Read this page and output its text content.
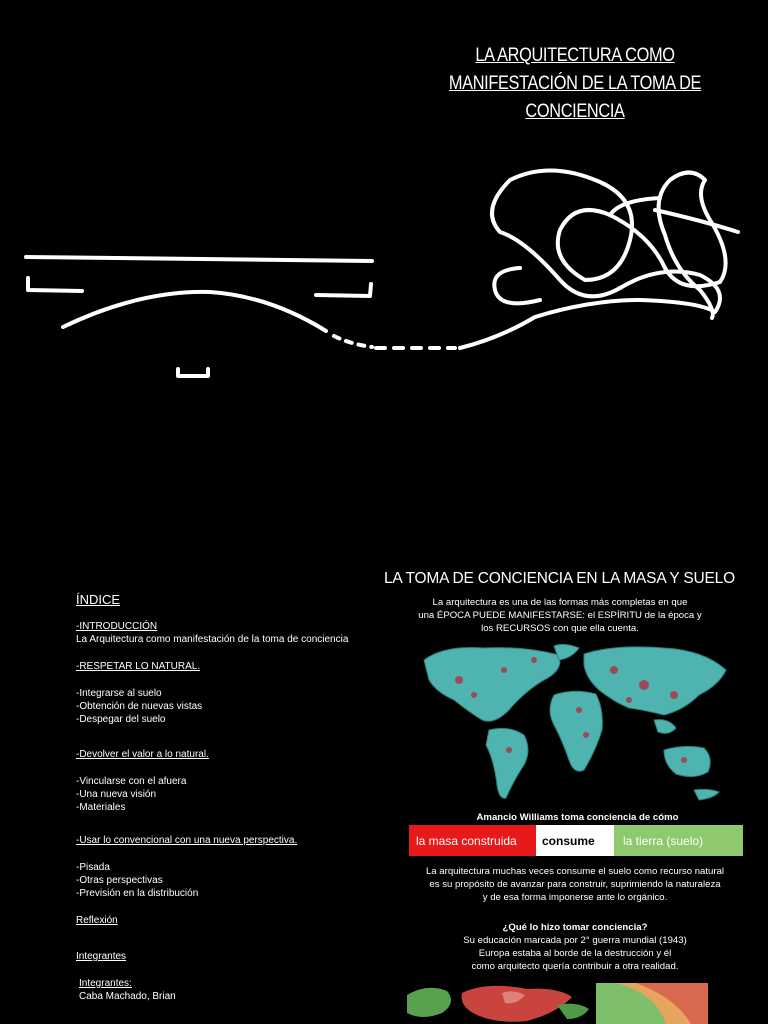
LA ARQUITECTURA COMO MANIFESTACIÓN DE LA TOMA DE CONCIENCIA
ÍNDICE
-INTRODUCCIÓN
La Arquitectura como manifestación de la toma de conciencia
-RESPETAR LO NATURAL.
-Integrarse al suelo
-Obtención de nuevas vistas
-Despegar del suelo
-Devolver el valor a lo natural.
-Vincularse con el afuera
-Una nueva visión
-Materiales
-Usar lo convencional con una nueva perspectiva.
-Pisada
-Otras perspectivas
-Previsión en la distribución
Reflexión
Integrantes
Integrantes:
Caba Machado, Brian
LA TOMA DE CONCIENCIA EN LA MASA Y SUELO
La arquitectura es una de las formas más completas en que
una ÉPOCA PUEDE MANIFESTARSE: el ESPÍRITU de la época y
los RECURSOS con que ella cuenta.
Amancio Williams toma conciencia de cómo
la masa construida	consume	la tierra (suelo)
La arquitectura muchas veces consume el suelo como recurso natural
es su propósito de avanzar para construir, suprimiendo la naturaleza
y de esa forma imponerse ante lo orgánico.
¿Qué lo hizo tomar conciencia?
Su educación marcada por 2° guerra mundial (1943)
Europa estaba al borde de la destrucción y él
como arquitecto quería contribuir a otra realidad.
